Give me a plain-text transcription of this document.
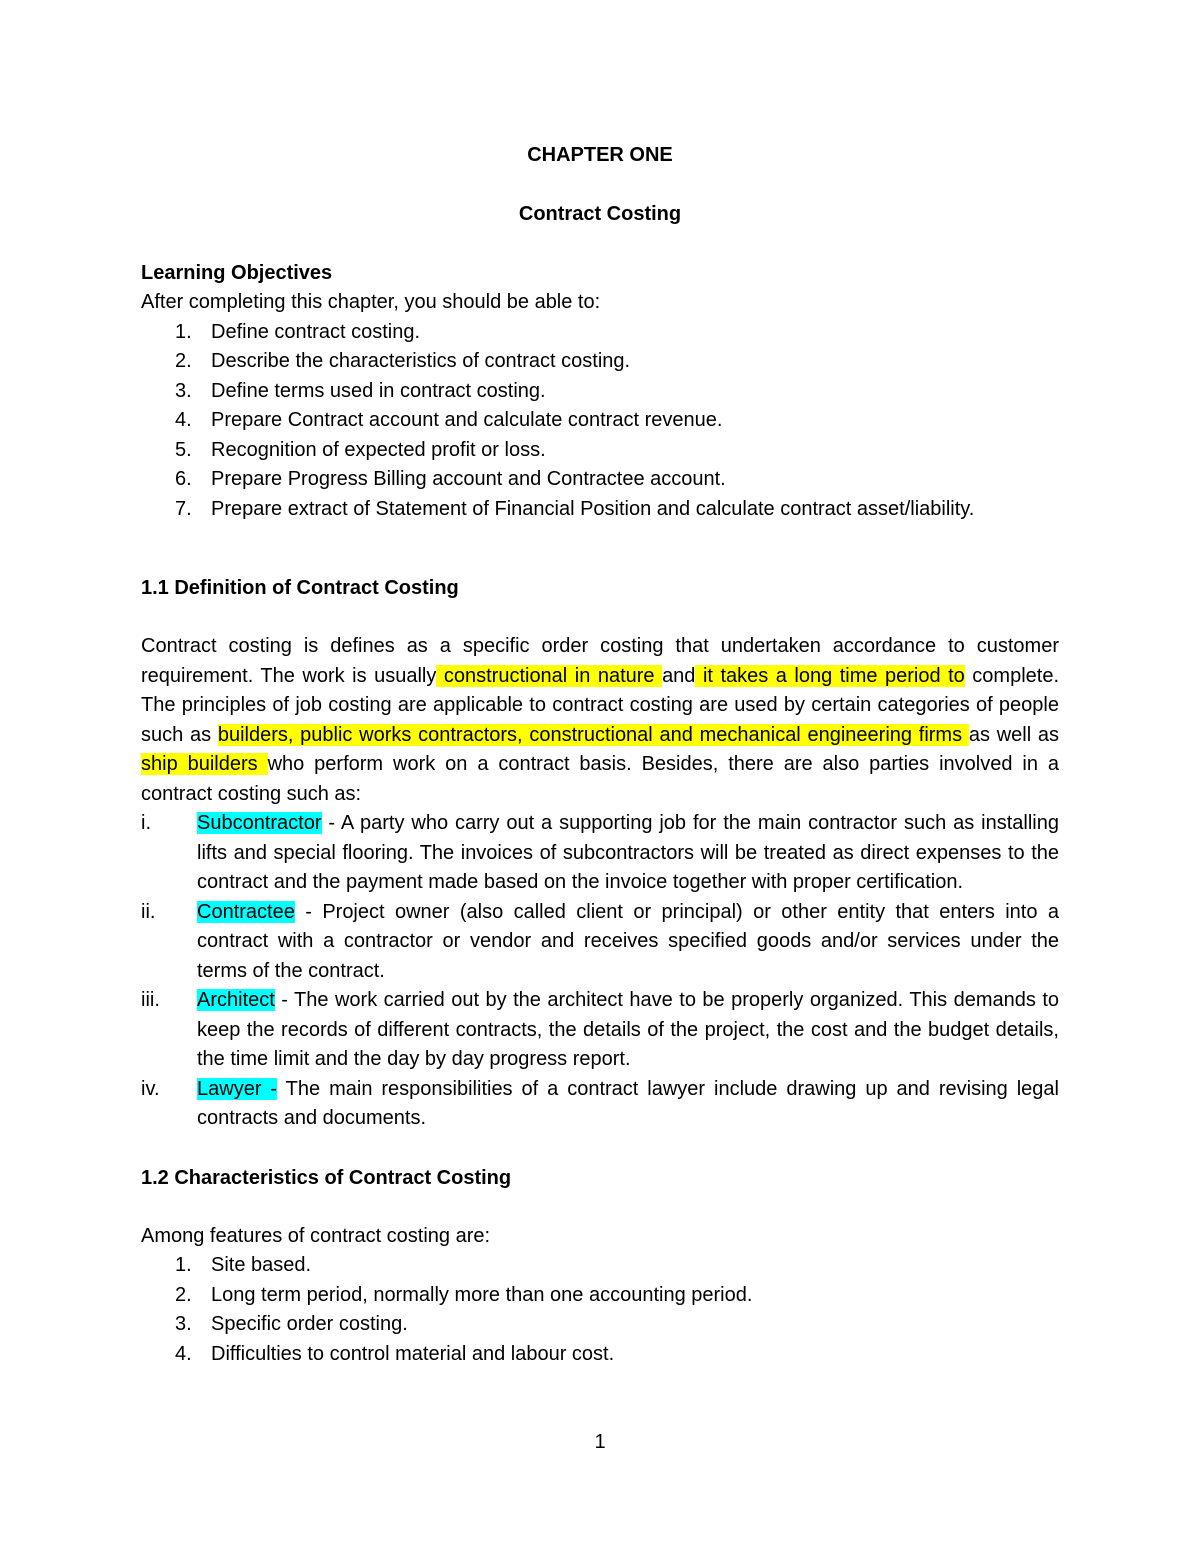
CHAPTER ONE

Contract Costing

Learning Objectives

After completing this chapter, you should be able to:

1. Define contract costing.
2. Describe the characteristics of contract costing.
3. Define terms used in contract costing.
4. Prepare Contract account and calculate contract revenue.
5. Recognition of expected profit or loss.
6. Prepare Progress Billing account and Contractee account.
7. Prepare extract of Statement of Financial Position and calculate contract asset/liability.

1.1 Definition of Contract Costing

Contract costing is defines as a specific order costing that undertaken accordance to customer requirement. The work is usually constructional in nature and it takes a long time period to complete. The principles of job costing are applicable to contract costing are used by certain categories of people such as builders, public works contractors, constructional and mechanical engineering firms as well as ship builders who perform work on a contract basis. Besides, there are also parties involved in a contract costing such as:

i. Subcontractor - A party who carry out a supporting job for the main contractor such as installing lifts and special flooring. The invoices of subcontractors will be treated as direct expenses to the contract and the payment made based on the invoice together with proper certification.
ii. Contractee - Project owner (also called client or principal) or other entity that enters into a contract with a contractor or vendor and receives specified goods and/or services under the terms of the contract.
iii. Architect - The work carried out by the architect have to be properly organized. This demands to keep the records of different contracts, the details of the project, the cost and the budget details, the time limit and the day by day progress report.
iv. Lawyer - The main responsibilities of a contract lawyer include drawing up and revising legal contracts and documents.

1.2 Characteristics of Contract Costing

Among features of contract costing are:

1. Site based.
2. Long term period, normally more than one accounting period.
3. Specific order costing.
4. Difficulties to control material and labour cost.
1
